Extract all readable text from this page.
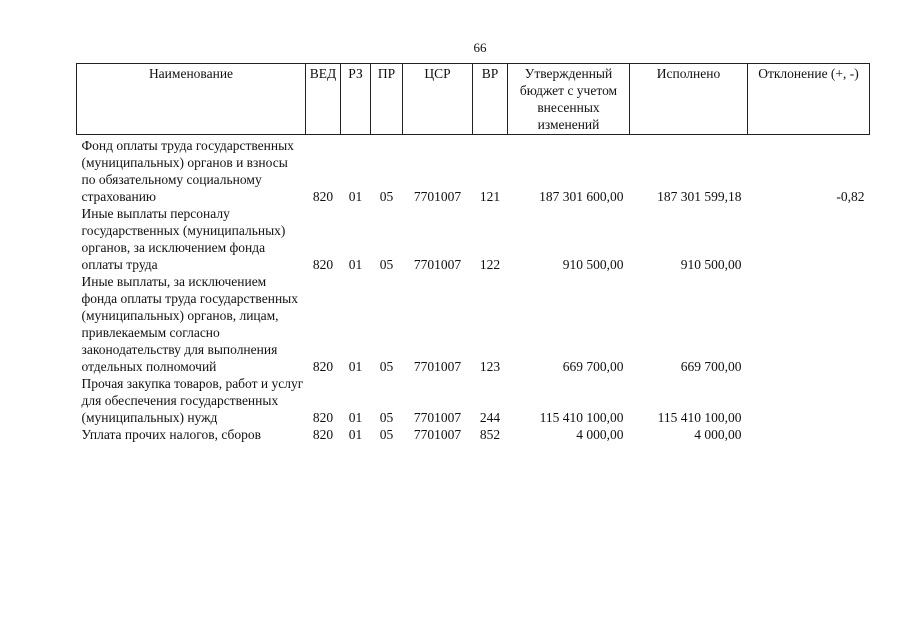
66
Наименование	ВЕД	РЗ	ПР	ЦСР	ВР	Утвержденный бюджет с учетом внесенных изменений	Исполнено	Отклонение (+, -)
Фонд оплаты труда государственных (муниципальных) органов и взносы по обязательному социальному страхованию	820	01	05	7701007	121	187 301 600,00	187 301 599,18	-0,82
Иные выплаты персоналу государственных (муниципальных) органов, за исключением фонда оплаты труда	820	01	05	7701007	122	910 500,00	910 500,00	
Иные выплаты, за исключением фонда оплаты труда государственных (муниципальных) органов, лицам, привлекаемым согласно законодательству для выполнения отдельных полномочий	820	01	05	7701007	123	669 700,00	669 700,00	
Прочая закупка товаров, работ и услуг для обеспечения государственных (муниципальных) нужд	820	01	05	7701007	244	115 410 100,00	115 410 100,00	
Уплата прочих налогов, сборов	820	01	05	7701007	852	4 000,00	4 000,00	
